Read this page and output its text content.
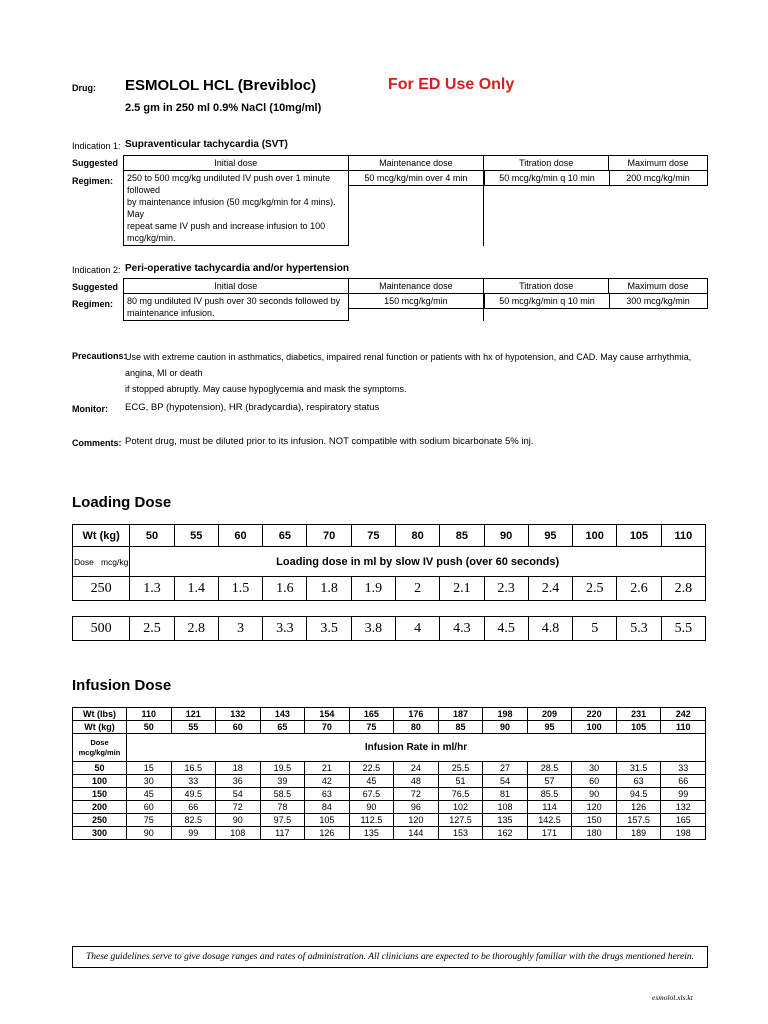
Drug: ESMOLOL HCL (Brevibloc)	For ED Use Only
2.5 gm in 250 ml 0.9% NaCl (10mg/ml)
Indication 1: Supraventicular tachycardia (SVT)
Suggested
Regimen:
Initial dose	Maintenance dose	Titration dose	Maximum dose

250 to 500 mcg/kg undiluted IV push over 1 minute followed
by maintenance infusion (50 mcg/kg/min for 4 mins). May
repeat same IV push and increase infusion to 100
mcg/kg/min.	50 mcg/kg/min over 4 min	50 mcg/kg/min q 10 min	200 mcg/kg/min
Indication 2: Peri-operative tachycardia and/or hypertension
Suggested
Regimen:
Initial dose	Maintenance dose	Titration dose	Maximum dose

80 mg undiluted IV push over 30 seconds followed by
maintenance infusion.	150 mcg/kg/min	50 mcg/kg/min q 10 min	300 mcg/kg/min
Precautions:
Use with extreme caution in asthmatics, diabetics, impaired renal function or patients with hx of hypotension, and CAD. May cause arrhythmia, angina, MI or death
if stopped abruptly. May cause hypoglycemia and mask the symptoms.
Monitor: ECG, BP (hypotension), HR (bradycardia), respiratory status
Comments: Potent drug, must be diluted prior to its infusion. NOT compatible with sodium bicarbonate 5% inj.
Loading Dose
Wt (kg)	50	55	60	65	70	75	80	85	90	95	100	105	110
Dose mcg/kg	Loading dose in ml by slow IV push (over 60 seconds)												
250	1.3	1.4	1.5	1.6	1.8	1.9	2	2.1	2.3	2.4	2.5	2.6	2.8

500	2.5	2.8	3	3.3	3.5	3.8	4	4.3	4.5	4.8	5	5.3	5.5
Infusion Dose
Wt (lbs)	110	121	132	143	154	165	176	187	198	209	220	231	242
Wt (kg)	50	55	60	65	70	75	80	85	90	95	100	105	110

Dose
mcg/kg/min	Infusion Rate in ml/hr												
50	15	16.5	18	19.5	21	22.5	24	25.5	27	28.5	30	31.5	33
100	30	33	36	39	42	45	48	51	54	57	60	63	66
150	45	49.5	54	58.5	63	67.5	72	76.5	81	85.5	90	94.5	99
200	60	66	72	78	84	90	96	102	108	114	120	126	132
250	75	82.5	90	97.5	105	112.5	120	127.5	135	142.5	150	157.5	165
300	90	99	108	117	126	135	144	153	162	171	180	189	198
These guidelines serve to give dosage ranges and rates of administration. All clinicians are expected to be thoroughly familiar with the drugs mentioned herein.
esmolol.xls.kt
